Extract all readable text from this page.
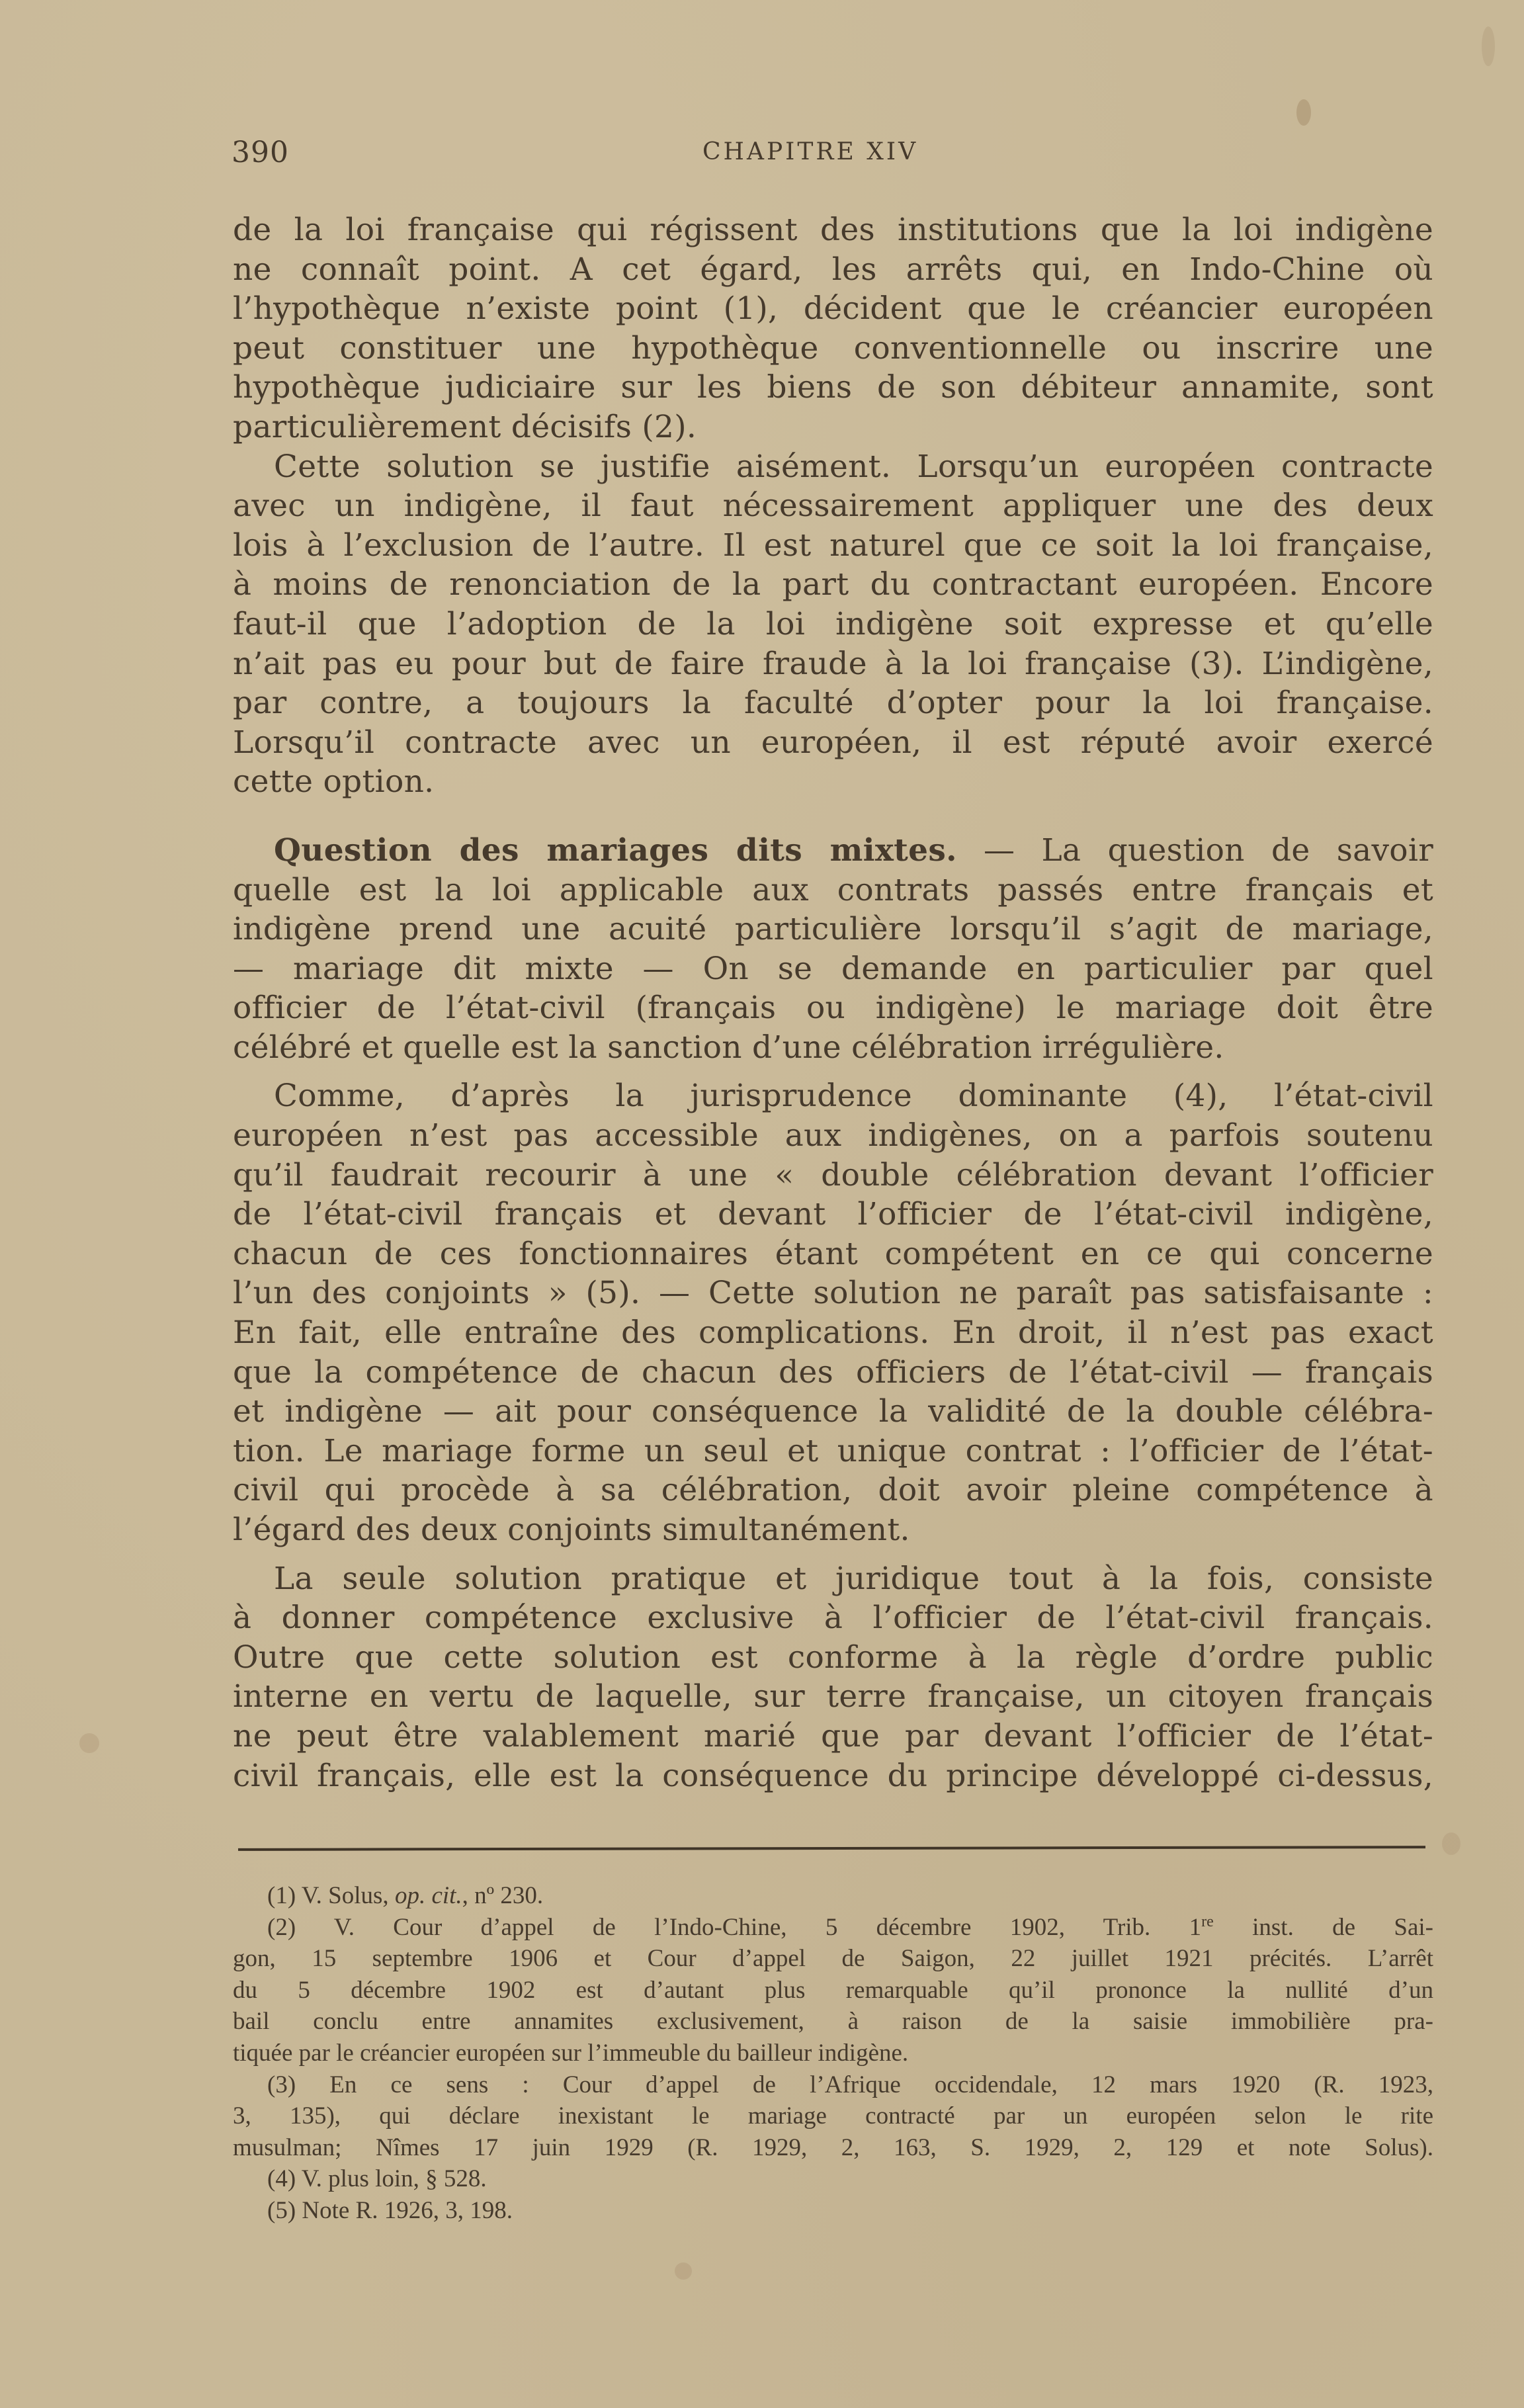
390	CHAPITRE XIV
de la loi française qui régissent des institutions que la loi indigène
ne connaît point. A cet égard, les arrêts qui, en Indo-Chine où
l’hypothèque n’existe point (1), décident que le créancier européen
peut constituer une hypothèque conventionnelle ou inscrire une
hypothèque judiciaire sur les biens de son débiteur annamite, sont
particulièrement décisifs (2).
Cette solution se justifie aisément. Lorsqu’un européen contracte
avec un indigène, il faut nécessairement appliquer une des deux
lois à l’exclusion de l’autre. Il est naturel que ce soit la loi française,
à moins de renonciation de la part du contractant européen. Encore
faut-il que l’adoption de la loi indigène soit expresse et qu’elle
n’ait pas eu pour but de faire fraude à la loi française (3). L’indigène,
par contre, a toujours la faculté d’opter pour la loi française.
Lorsqu’il contracte avec un européen, il est réputé avoir exercé
cette option.
Question des mariages dits mixtes. — La question de savoir
quelle est la loi applicable aux contrats passés entre français et
indigène prend une acuité particulière lorsqu’il s’agit de mariage,
— mariage dit mixte — On se demande en particulier par quel
officier de l’état-civil (français ou indigène) le mariage doit être
célébré et quelle est la sanction d’une célébration irrégulière.
Comme, d’après la jurisprudence dominante (4), l’état-civil
européen n’est pas accessible aux indigènes, on a parfois soutenu
qu’il faudrait recourir à une « double célébration devant l’officier
de l’état-civil français et devant l’officier de l’état-civil indigène,
chacun de ces fonctionnaires étant compétent en ce qui concerne
l’un des conjoints » (5). — Cette solution ne paraît pas satisfaisante :
En fait, elle entraîne des complications. En droit, il n’est pas exact
que la compétence de chacun des officiers de l’état-civil — français
et indigène — ait pour conséquence la validité de la double célébra-
tion. Le mariage forme un seul et unique contrat : l’officier de l’état-
civil qui procède à sa célébration, doit avoir pleine compétence à
l’égard des deux conjoints simultanément.
La seule solution pratique et juridique tout à la fois, consiste
à donner compétence exclusive à l’officier de l’état-civil français.
Outre que cette solution est conforme à la règle d’ordre public
interne en vertu de laquelle, sur terre française, un citoyen français
ne peut être valablement marié que par devant l’officier de l’état-
civil français, elle est la conséquence du principe développé ci-dessus,
(1) V. Solus, op. cit., nº 230.
(2) V. Cour d’appel de l’Indo-Chine, 5 décembre 1902, Trib. 1re inst. de Sai-
gon, 15 septembre 1906 et Cour d’appel de Saigon, 22 juillet 1921 précités. L’arrêt
du 5 décembre 1902 est d’autant plus remarquable qu’il prononce la nullité d’un
bail conclu entre annamites exclusivement, à raison de la saisie immobilière pra-
tiquée par le créancier européen sur l’immeuble du bailleur indigène.
(3) En ce sens : Cour d’appel de l’Afrique occidendale, 12 mars 1920 (R. 1923,
3, 135), qui déclare inexistant le mariage contracté par un européen selon le rite
musulman; Nîmes 17 juin 1929 (R. 1929, 2, 163, S. 1929, 2, 129 et note Solus).
(4) V. plus loin, § 528.
(5) Note R. 1926, 3, 198.
